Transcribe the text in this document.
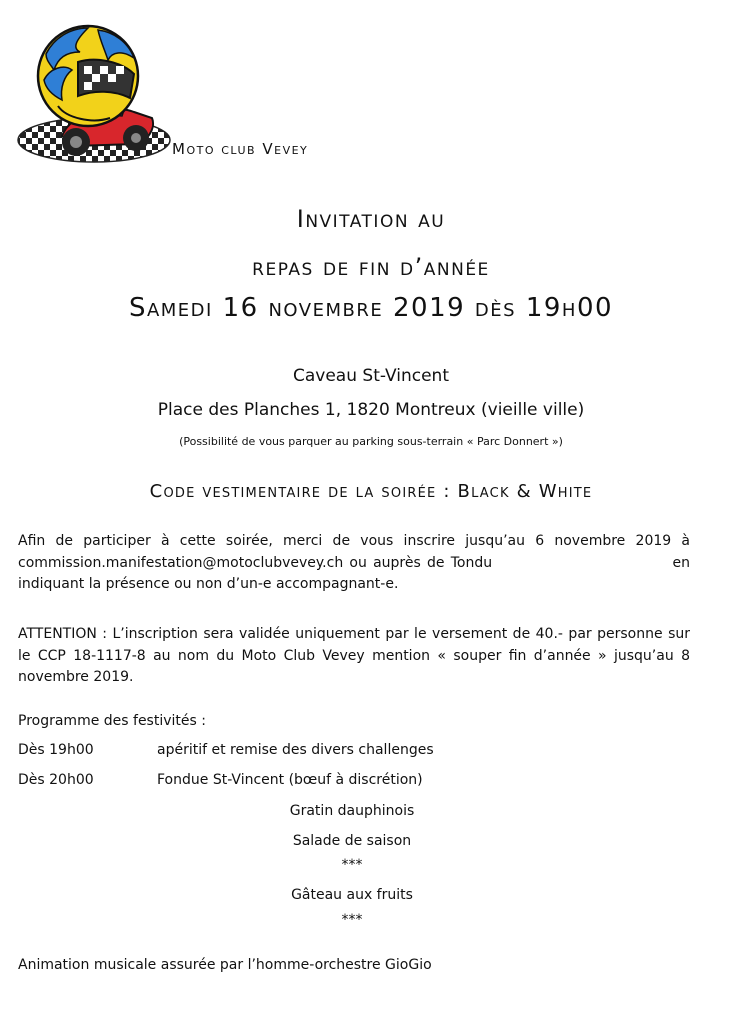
Moto club Vevey
Invitation au
repas de fin d’année
Samedi 16 novembre 2019 dès 19h00
Caveau St-Vincent
Place des Planches 1, 1820 Montreux (vieille ville)
(Possibilité de vous parquer au parking sous-terrain « Parc Donnert »)
Code vestimentaire de la soirée : Black & White
Afin de participer à cette soirée, merci de vous inscrire jusqu’au 6 novembre 2019 à commission.manifestation@motoclubvevey.ch ou auprès de Tondu                             en indiquant la présence ou non d’un-e accompagnant-e.
ATTENTION : L’inscription sera validée uniquement par le versement de 40.- par personne sur le CCP 18-1117-8 au nom du Moto Club Vevey mention « souper fin d’année » jusqu’au 8 novembre 2019.
Programme des festivités :
Dès 19h00	apéritif et remise des divers challenges
Dès 20h00	Fondue St-Vincent (bœuf à discrétion)
Gratin dauphinois
Salade de saison
***
Gâteau aux fruits
***
Animation musicale assurée par l’homme-orchestre GioGio
